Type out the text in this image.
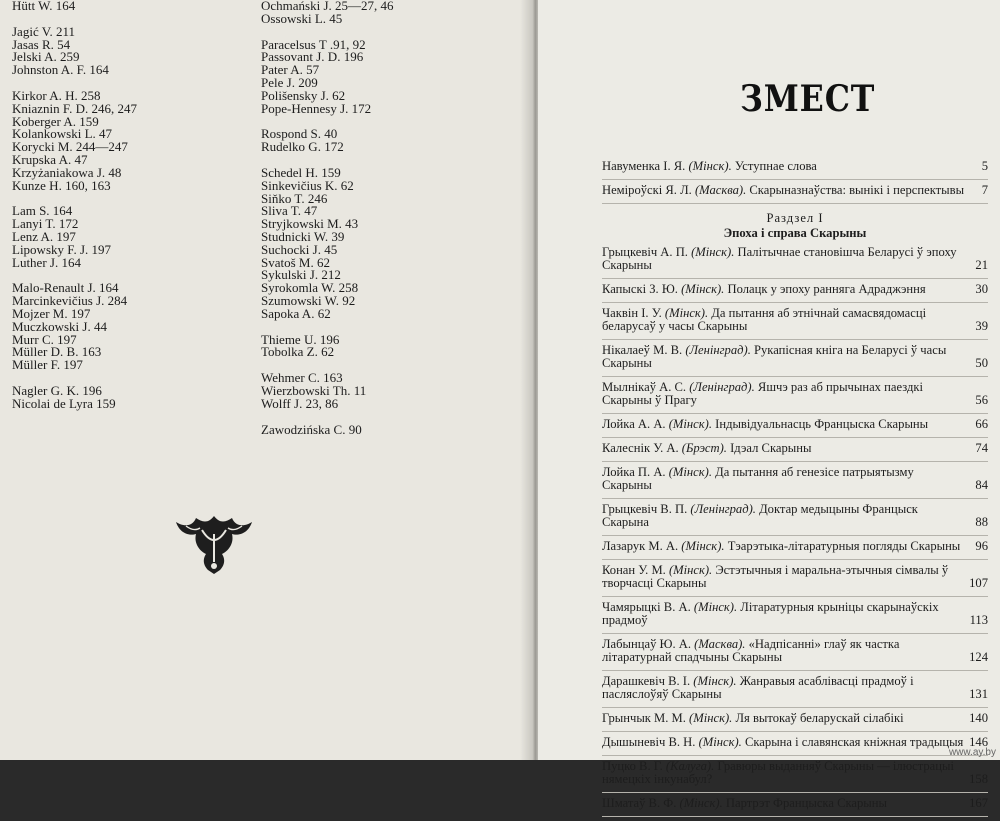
Hütt W. 164
Jagić V. 211
Jasas R. 54
Jelski A. 259
Johnston A. F. 164
Kirkor A. H. 258
Kniaznin F. D. 246, 247
Koberger A. 159
Kolankowski L. 47
Korycki M. 244—247
Krupska A. 47
Krzyżaniakowa J. 48
Kunze H. 160, 163
Lam S. 164
Lanyi T. 172
Lenz A. 197
Lipowsky F. J. 197
Luther J. 164
Malo-Renault J. 164
Marcinkevičius J. 284
Mojzer M. 197
Muczkowski J. 44
Murr C. 197
Müller D. B. 163
Müller F. 197
Nagler G. K. 196
Nicolai de Lyra 159
Ochmański J. 25—27, 46
Ossowski L. 45
Paracelsus T .91, 92
Passovant J. D. 196
Pater A. 57
Pele J. 209
Polišensky J. 62
Pope-Hennesy J. 172
Rospond S. 40
Rudelko G. 172
Schedel H. 159
Sinkevičius K. 62
Siňko T. 246
Sliva T. 47
Stryjkowski M. 43
Studnicki W. 39
Suchocki J. 45
Svatoš M. 62
Sykulski J. 212
Syrokomla W. 258
Szumowski W. 92
Sapoka A. 62
Thieme U. 196
Tobolka Z. 62
Wehmer C. 163
Wierzbowski Th. 11
Wolff J. 23, 86
Zawodzińska C. 90
ЗМЕСТ
Навуменка І. Я. (Мінск). Уступнае слова	5
Неміроўскі Я. Л. (Масква). Скарыназнаўства: вынікі і перспектывы 7
Раздзел I
Эпоха і справа Скарыны
Грыцкевіч А. П. (Мінск). Палітычнае становішча Беларусі ў эпоху Скарыны	21
Капыскі З. Ю. (Мінск). Полацк у эпоху ранняга Адраджэння	30
Чаквін І. У. (Мінск). Да пытання аб этнічнай самасвядомасці беларусаў у часы Скарыны	39
Нікалаеў М. В. (Ленінград). Рукапісная кніга на Беларусі ў часы Скарыны	50
Мылнікаў А. С. (Ленінград). Яшчэ раз аб прычынах паездкі Скарыны ў Прагу	56
Лойка А. А. (Мінск). Індывідуальнасць Францыска Скарыны	66
Калеснік У. А. (Брэст). Ідэал Скарыны	74
Лойка П. А. (Мінск). Да пытання аб генезісе патрыятызму Скарыны	84
Грыцкевіч В. П. (Ленінград). Доктар медыцыны Францыск Скарына	88
Лазарук М. А. (Мінск). Тэарэтыка-літаратурныя погляды Скарыны 96
Конан У. М. (Мінск). Эстэтычныя і маральна-этычныя сімвалы ў творчасці Скарыны	107
Чамярыцкі В. А. (Мінск). Літаратурныя крыніцы скарынаўскіх прадмоў	113
Лабынцаў Ю. А. (Масква). «Надпісанні» глаў як частка літаратурнай спадчыны Скарыны	124
Дарашкевіч В. І. (Мінск). Жанравыя асаблівасці прадмоў і пасляслоўяў Скарыны	131
Грынчык М. М. (Мінск). Ля вытокаў беларускай сілабікі	140
Дышыневіч В. Н. (Мінск). Скарына і славянская кніжная традыцыя 146
Пуцко В. Г. (Калуга). Гравюры выданняў Скарыны — ілюстрацыі нямецкіх інкунабул?	158
Шматаў В. Ф. (Мінск). Партрэт Францыска Скарыны	167
www.ay.by
